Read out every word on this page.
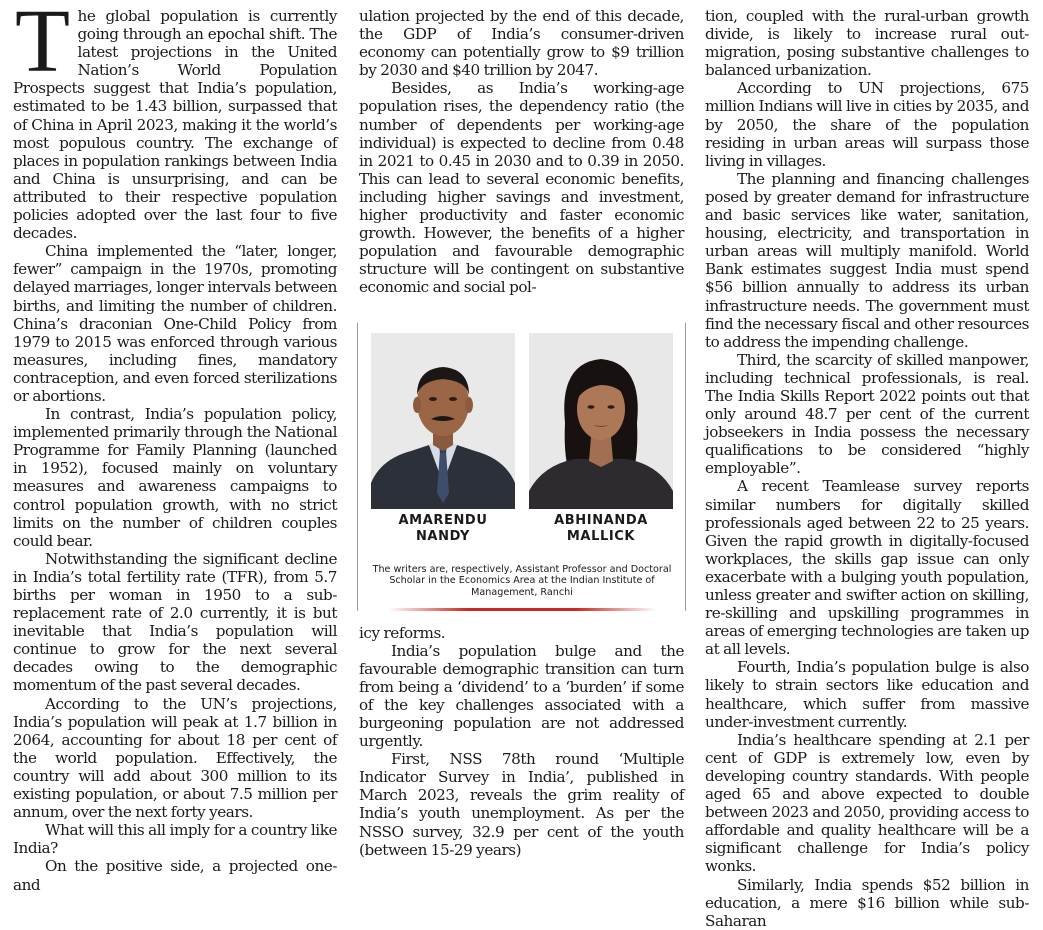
The global population is currently going through an epochal shift. The latest projections in the United Nation’s World Population Prospects suggest that India’s population, estimated to be 1.43 billion, surpassed that of China in April 2023, making it the world’s most populous country. The exchange of places in population rankings between India and China is unsurprising, and can be attributed to their respective population policies adopted over the last four to five decades.

China implemented the “later, longer, fewer” campaign in the 1970s, promoting delayed marriages, longer intervals between births, and limiting the number of children. China’s draconian One-Child Policy from 1979 to 2015 was enforced through various measures, including fines, mandatory contraception, and even forced sterilizations or abortions.

In contrast, India’s population policy, implemented primarily through the National Programme for Family Planning (launched in 1952), focused mainly on voluntary measures and awareness campaigns to control population growth, with no strict limits on the number of children couples could bear.

Notwithstanding the significant decline in India’s total fertility rate (TFR), from 5.7 births per woman in 1950 to a sub-replacement rate of 2.0 currently, it is but inevitable that India’s population will continue to grow for the next several decades owing to the demographic momentum of the past several decades.

According to the UN’s projections, India’s population will peak at 1.7 billion in 2064, accounting for about 18 per cent of the world population. Effectively, the country will add about 300 million to its existing population, or about 7.5 million per annum, over the next forty years.

What will this all imply for a country like India?

On the positive side, a projected one-and

ulation projected by the end of this decade, the GDP of India’s consumer-driven economy can potentially grow to $9 trillion by 2030 and $40 trillion by 2047.

Besides, as India’s working-age population rises, the dependency ratio (the number of dependents per working-age individual) is expected to decline from 0.48 in 2021 to 0.45 in 2030 and to 0.39 in 2050. This can lead to several economic benefits, including higher savings and investment, higher productivity and faster economic growth. However, the benefits of a higher population and favourable demographic structure will be contingent on substantive economic and social pol-

AMARENDU
NANDY
ABHINANDA
MALLICK
The writers are, respectively, Assistant Professor and Doctoral Scholar in the Economics Area at the Indian Institute of Management, Ranchi

icy reforms.

India’s population bulge and the favourable demographic transition can turn from being a ‘dividend’ to a ‘burden’ if some of the key challenges associated with a burgeoning population are not addressed urgently.

First, NSS 78th round ‘Multiple Indicator Survey in India’, published in March 2023, reveals the grim reality of India’s youth unemployment. As per the NSSO survey, 32.9 per cent of the youth (between 15-29 years)

tion, coupled with the rural-urban growth divide, is likely to increase rural out-migration, posing substantive challenges to balanced urbanization.

According to UN projections, 675 million Indians will live in cities by 2035, and by 2050, the share of the population residing in urban areas will surpass those living in villages.

The planning and financing challenges posed by greater demand for infrastructure and basic services like water, sanitation, housing, electricity, and transportation in urban areas will multiply manifold. World Bank estimates suggest India must spend $56 billion annually to address its urban infrastructure needs. The government must find the necessary fiscal and other resources to address the impending challenge.

Third, the scarcity of skilled manpower, including technical professionals, is real. The India Skills Report 2022 points out that only around 48.7 per cent of the current jobseekers in India possess the necessary qualifications to be considered “highly employable”.

A recent Teamlease survey reports similar numbers for digitally skilled professionals aged between 22 to 25 years. Given the rapid growth in digitally-focused workplaces, the skills gap issue can only exacerbate with a bulging youth population, unless greater and swifter action on skilling, re-skilling and upskilling programmes in areas of emerging technologies are taken up at all levels.

Fourth, India’s population bulge is also likely to strain sectors like education and healthcare, which suffer from massive under-investment currently.

India’s healthcare spending at 2.1 per cent of GDP is extremely low, even by developing country standards. With people aged 65 and above expected to double between 2023 and 2050, providing access to affordable and quality healthcare will be a significant challenge for India’s policy wonks.

Similarly, India spends $52 billion in education, a mere $16 billion while sub-Saharan
